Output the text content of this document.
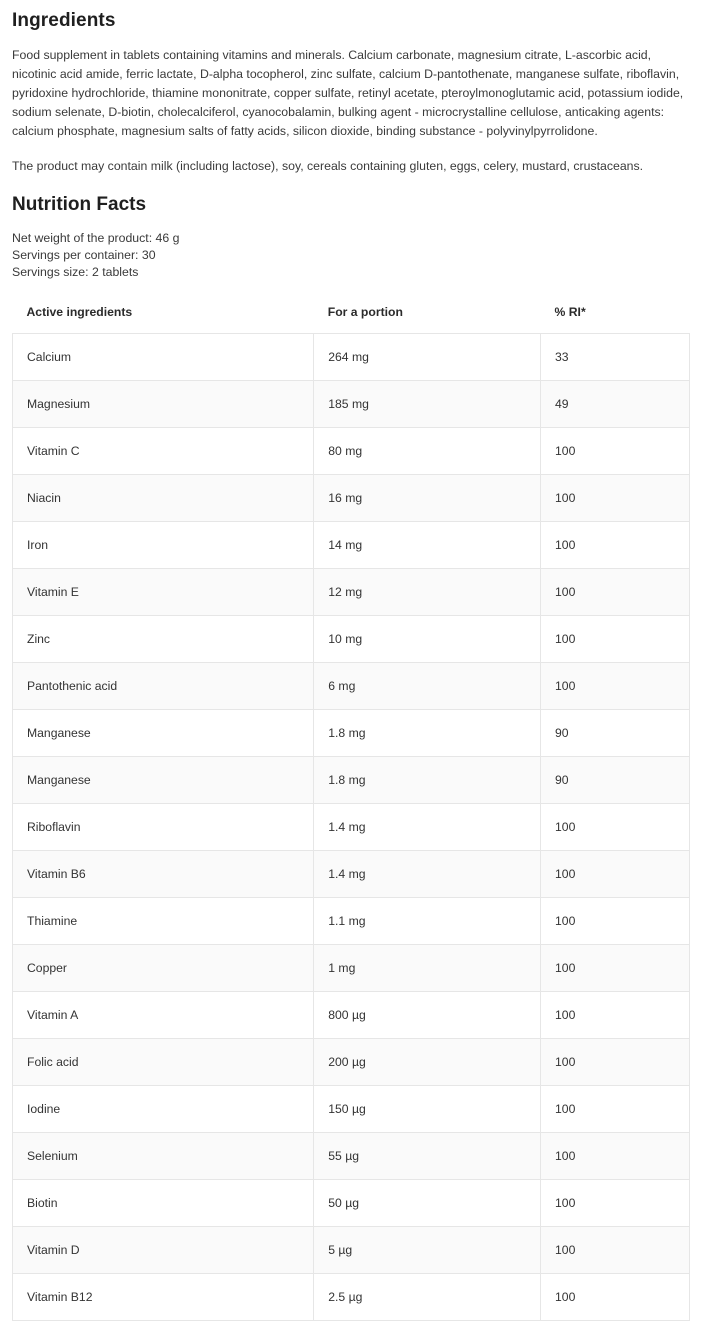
Ingredients

Food supplement in tablets containing vitamins and minerals. Calcium carbonate, magnesium citrate, L-ascorbic acid, nicotinic acid amide, ferric lactate, D-alpha tocopherol, zinc sulfate, calcium D-pantothenate, manganese sulfate, riboflavin, pyridoxine hydrochloride, thiamine mononitrate, copper sulfate, retinyl acetate, pteroylmonoglutamic acid, potassium iodide, sodium selenate, D-biotin, cholecalciferol, cyanocobalamin, bulking agent - microcrystalline cellulose, anticaking agents: calcium phosphate, magnesium salts of fatty acids, silicon dioxide, binding substance - polyvinylpyrrolidone.

The product may contain milk (including lactose), soy, cereals containing gluten, eggs, celery, mustard, crustaceans.

Nutrition Facts
Net weight of the product: 46 g
Servings per container: 30
Servings size: 2 tablets
Active ingredients	For a portion	% RI*
Calcium	264 mg	33
Magnesium	185 mg	49
Vitamin C	80 mg	100
Niacin	16 mg	100
Iron	14 mg	100
Vitamin E	12 mg	100
Zinc	10 mg	100
Pantothenic acid	6 mg	100
Manganese	1.8 mg	90
Manganese	1.8 mg	90
Riboflavin	1.4 mg	100
Vitamin B6	1.4 mg	100
Thiamine	1.1 mg	100
Copper	1 mg	100
Vitamin A	800 µg	100
Folic acid	200 µg	100
Iodine	150 µg	100
Selenium	55 µg	100
Biotin	50 µg	100
Vitamin D	5 µg	100
Vitamin B12	2.5 µg	100
